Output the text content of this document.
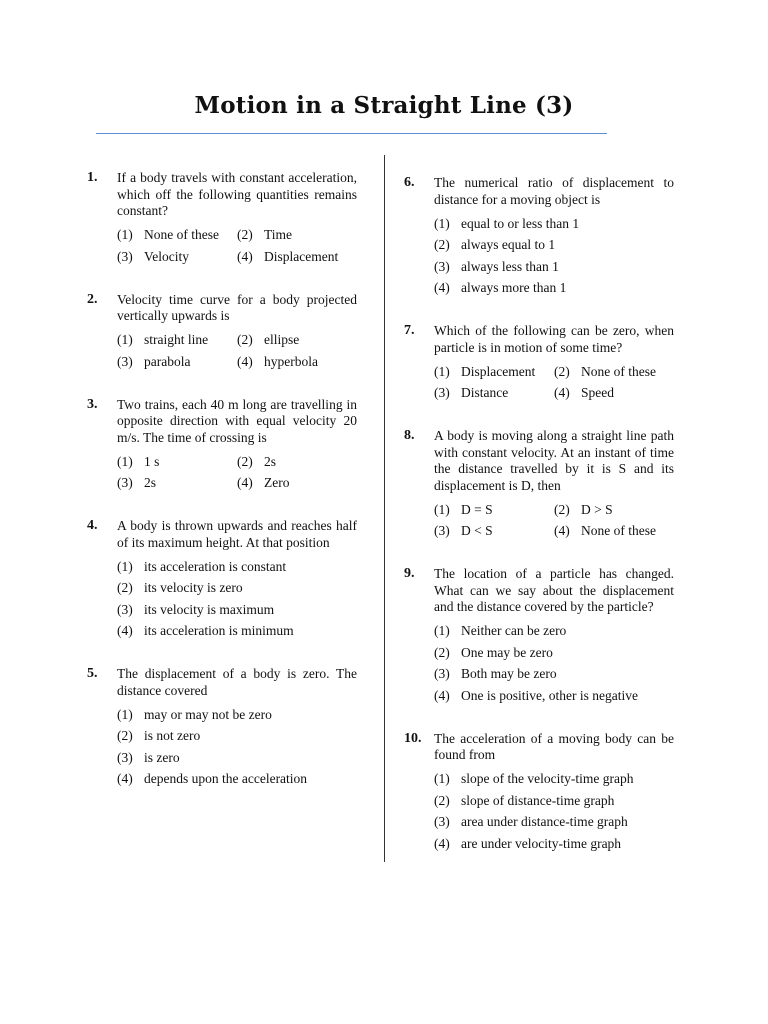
Motion in a Straight Line (3)
1. If a body travels with constant acceleration, which off the following quantities remains constant?
(1) None of these (2) Time
(3) Velocity	(4) Displacement
2. Velocity time curve for a body projected vertically upwards is
(1) straight line (2) ellipse
(3) parabola	(4) hyperbola
3. Two trains, each 40 m long are travelling in opposite direction with equal velocity 20 m/s. The time of crossing is
(1) 1 s	(2) 2s
(3) 2s	(4) Zero
4. A body is thrown upwards and reaches half of its maximum height. At that position
(1) its acceleration is constant
(2) its velocity is zero
(3) its velocity is maximum
(4) its acceleration is minimum
5. The displacement of a body is zero. The distance covered
(1) may or may not be zero
(2) is not zero
(3) is zero
(4) depends upon the acceleration
6. The numerical ratio of displacement to distance for a moving object is
(1) equal to or less than 1
(2) always equal to 1
(3) always less than 1
(4) always more than 1
7. Which of the following can be zero, when particle is in motion of some time?
(1) Displacement (2) None of these
(3) Distance	(4) Speed
8. A body is moving along a straight line path with constant velocity. At an instant of time the distance travelled by it is S and its displacement is D, then
(1) D = S	(2) D > S
(3) D < S	(4) None of these
9. The location of a particle has changed. What can we say about the displacement and the distance covered by the particle?
(1) Neither can be zero
(2) One may be zero
(3) Both may be zero
(4) One is positive, other is negative
10. The acceleration of a moving body can be found from
(1) slope of the velocity-time graph
(2) slope of distance-time graph
(3) area under distance-time graph
(4) are under velocity-time graph
